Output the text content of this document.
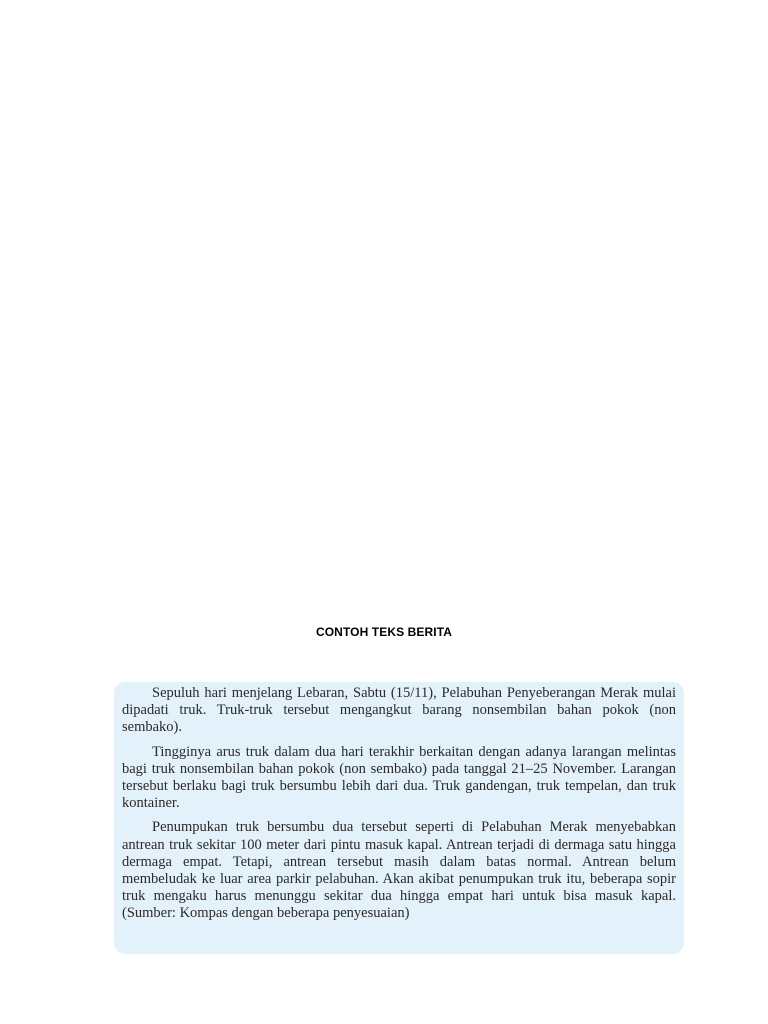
CONTOH TEKS BERITA

Sepuluh hari menjelang Lebaran, Sabtu (15/11), Pelabuhan Penyeberangan Merak mulai dipadati truk. Truk-truk tersebut mengangkut barang nonsembilan bahan pokok (non sembako).

Tingginya arus truk dalam dua hari terakhir berkaitan dengan adanya larangan melintas bagi truk nonsembilan bahan pokok (non sembako) pada tanggal 21–25 November. Larangan tersebut berlaku bagi truk bersumbu lebih dari dua. Truk gandengan, truk tempelan, dan truk kontainer.

Penumpukan truk bersumbu dua tersebut seperti di Pelabuhan Merak menyebabkan antrean truk sekitar 100 meter dari pintu masuk kapal. Antrean terjadi di dermaga satu hingga dermaga empat. Tetapi, antrean tersebut masih dalam batas normal. Antrean belum membeludak ke luar area parkir pelabuhan. Akan akibat penumpukan truk itu, beberapa sopir truk mengaku harus menunggu sekitar dua hingga empat hari untuk bisa masuk kapal. (Sumber: Kompas dengan beberapa penyesuaian)
